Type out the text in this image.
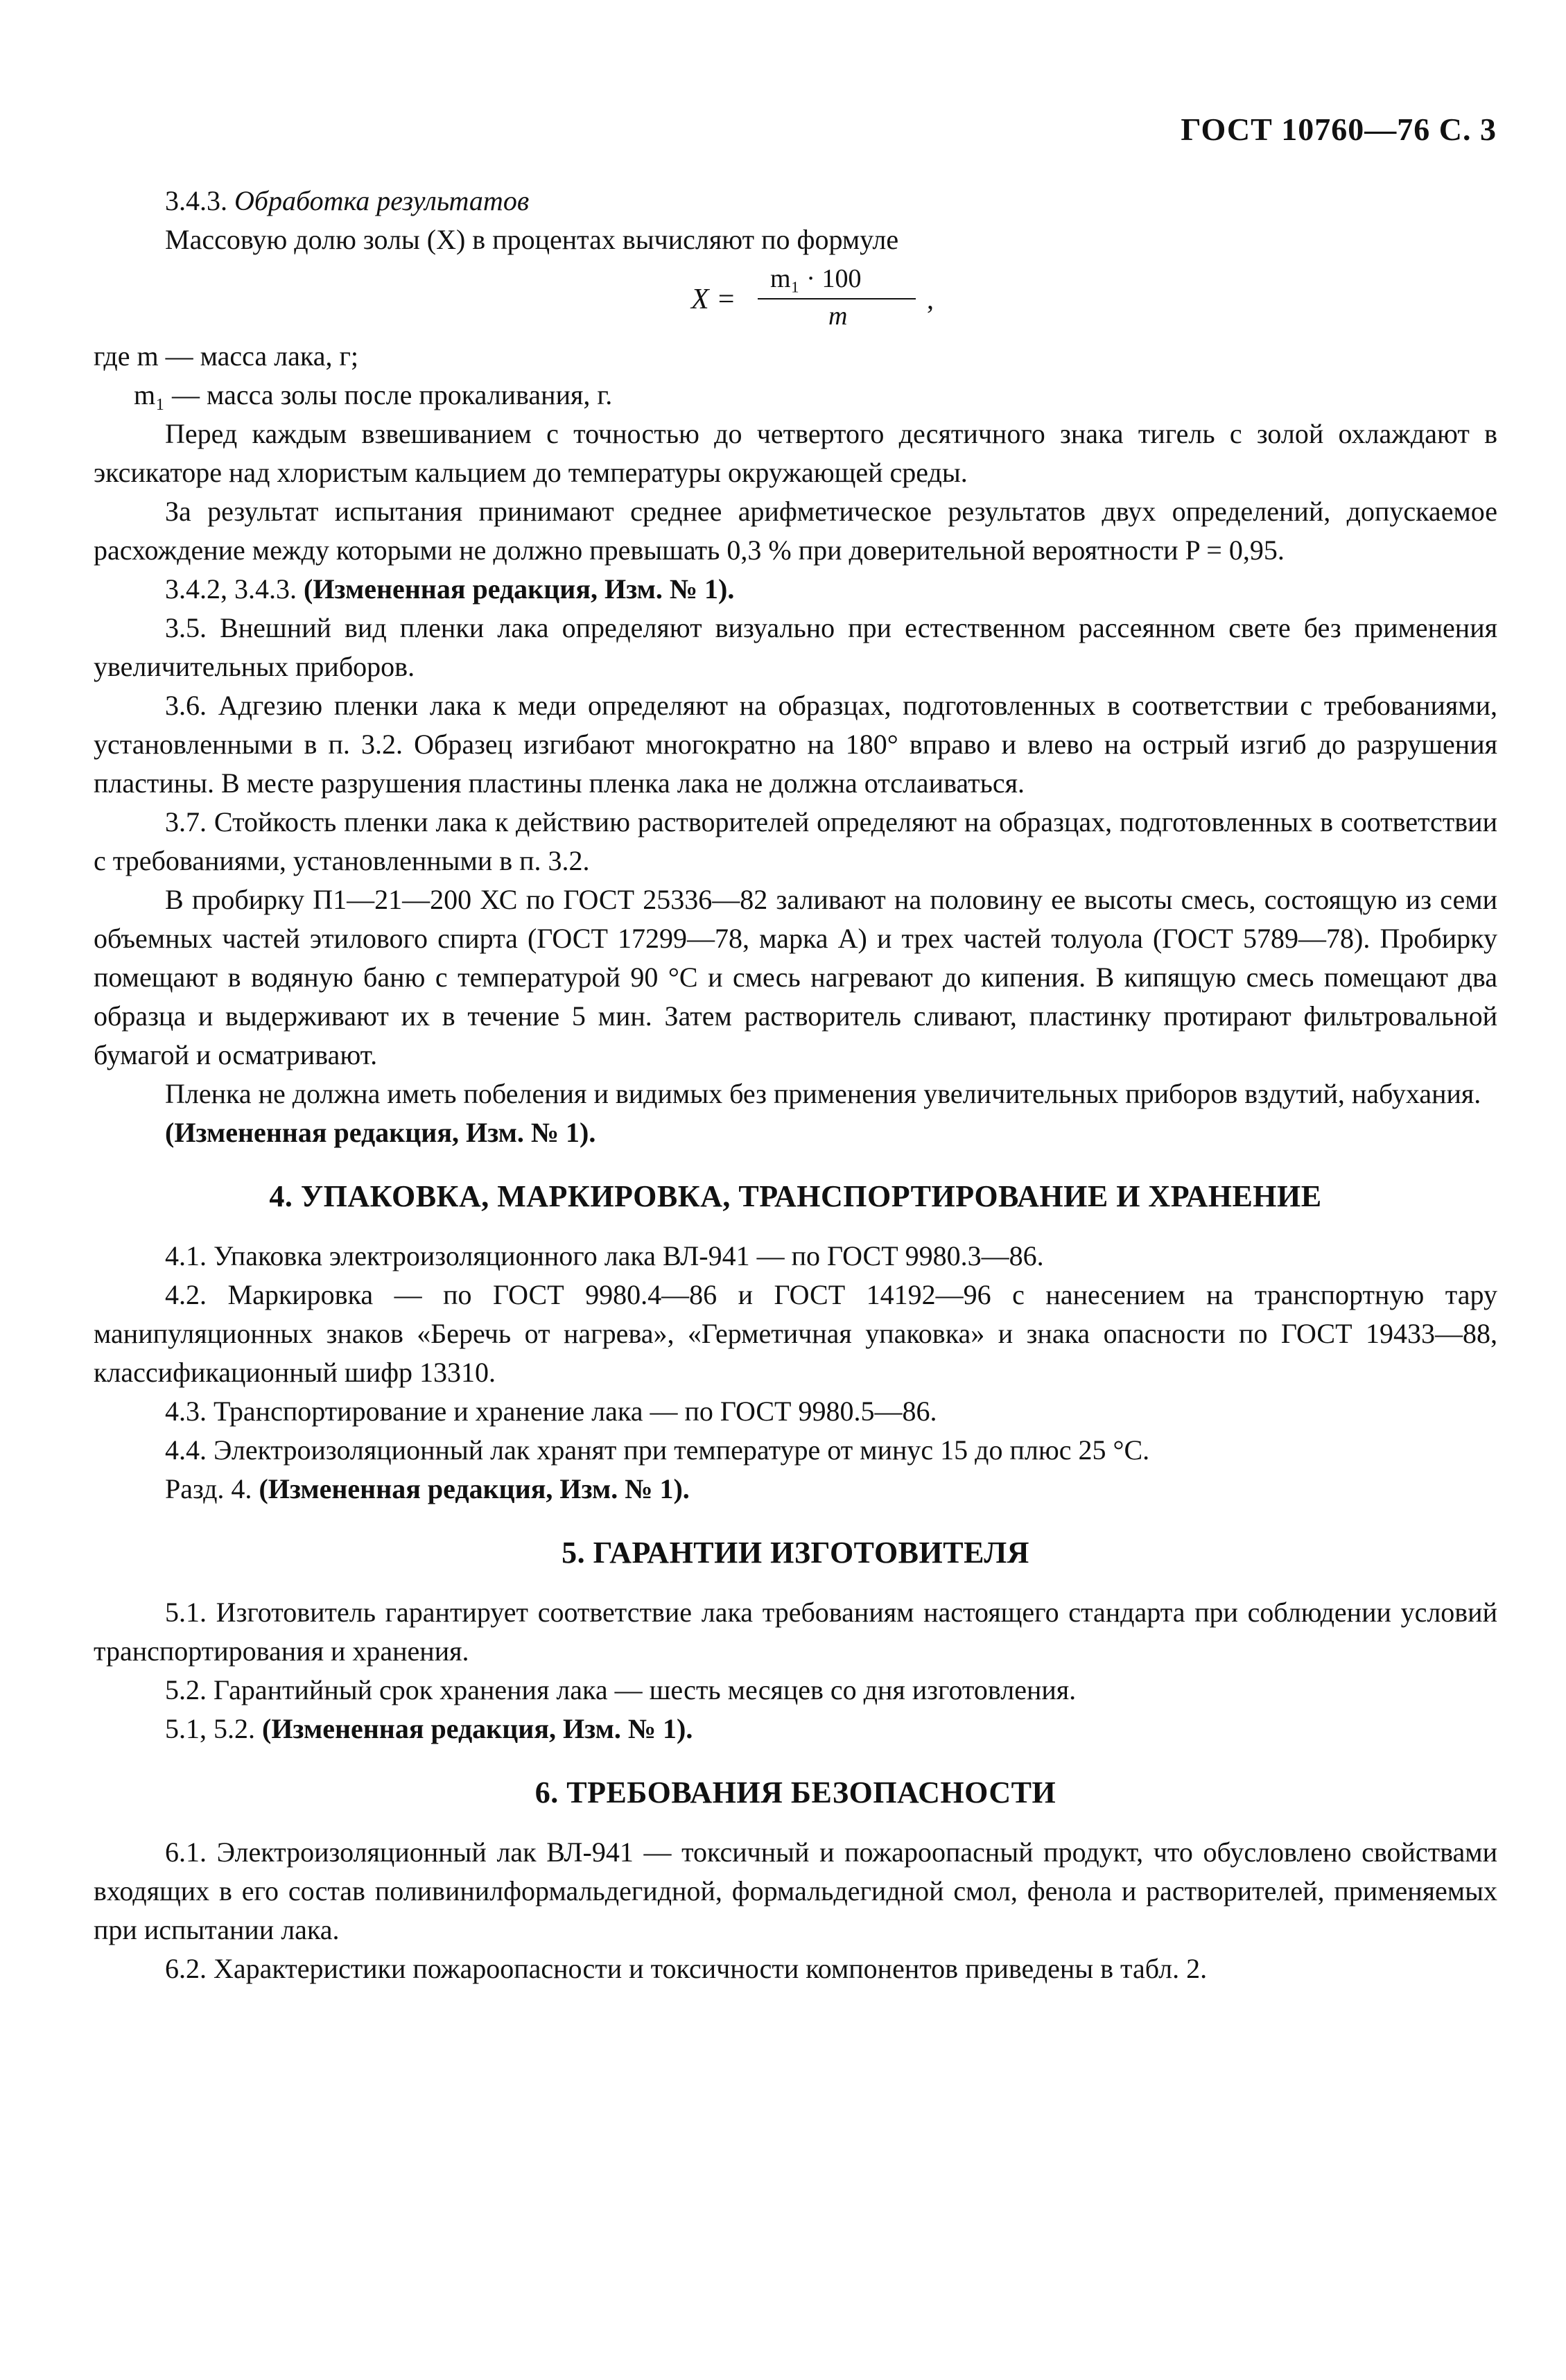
ГОСТ 10760—76 С. 3

3.4.3. Обработка результатов

Массовую долю золы (X) в процентах вычисляют по формуле

X =
m₁ · 100
m
,

где m — масса лака, г;

m₁ — масса золы после прокаливания, г.

Перед каждым взвешиванием с точностью до четвертого десятичного знака тигель с золой охлаждают в эксикаторе над хлористым кальцием до температуры окружающей среды.

За результат испытания принимают среднее арифметическое результатов двух определений, допускаемое расхождение между которыми не должно превышать 0,3 % при доверительной вероятности P = 0,95.

3.4.2, 3.4.3. (Измененная редакция, Изм. № 1).

3.5. Внешний вид пленки лака определяют визуально при естественном рассеянном свете без применения увеличительных приборов.

3.6. Адгезию пленки лака к меди определяют на образцах, подготовленных в соответствии с требованиями, установленными в п. 3.2. Образец изгибают многократно на 180° вправо и влево на острый изгиб до разрушения пластины. В месте разрушения пластины пленка лака не должна отслаиваться.

3.7. Стойкость пленки лака к действию растворителей определяют на образцах, подготовленных в соответствии с требованиями, установленными в п. 3.2.

В пробирку П1—21—200 ХС по ГОСТ 25336—82 заливают на половину ее высоты смесь, состоящую из семи объемных частей этилового спирта (ГОСТ 17299—78, марка А) и трех частей толуола (ГОСТ 5789—78). Пробирку помещают в водяную баню с температурой 90 °С и смесь нагревают до кипения. В кипящую смесь помещают два образца и выдерживают их в течение 5 мин. Затем растворитель сливают, пластинку протирают фильтровальной бумагой и осматривают.

Пленка не должна иметь побеления и видимых без применения увеличительных приборов вздутий, набухания.

(Измененная редакция, Изм. № 1).

4. УПАКОВКА, МАРКИРОВКА, ТРАНСПОРТИРОВАНИЕ И ХРАНЕНИЕ

4.1. Упаковка электроизоляционного лака ВЛ-941 — по ГОСТ 9980.3—86.

4.2. Маркировка — по ГОСТ 9980.4—86 и ГОСТ 14192—96 с нанесением на транспортную тару манипуляционных знаков «Беречь от нагрева», «Герметичная упаковка» и знака опасности по ГОСТ 19433—88, классификационный шифр 13310.

4.3. Транспортирование и хранение лака — по ГОСТ 9980.5—86.

4.4. Электроизоляционный лак хранят при температуре от минус 15 до плюс 25 °С.

Разд. 4. (Измененная редакция, Изм. № 1).

5. ГАРАНТИИ ИЗГОТОВИТЕЛЯ

5.1. Изготовитель гарантирует соответствие лака требованиям настоящего стандарта при соблюдении условий транспортирования и хранения.

5.2. Гарантийный срок хранения лака — шесть месяцев со дня изготовления.

5.1, 5.2. (Измененная редакция, Изм. № 1).

6. ТРЕБОВАНИЯ БЕЗОПАСНОСТИ

6.1. Электроизоляционный лак ВЛ-941 — токсичный и пожароопасный продукт, что обусловлено свойствами входящих в его состав поливинилформальдегидной, формальдегидной смол, фенола и растворителей, применяемых при испытании лака.

6.2. Характеристики пожароопасности и токсичности компонентов приведены в табл. 2.
